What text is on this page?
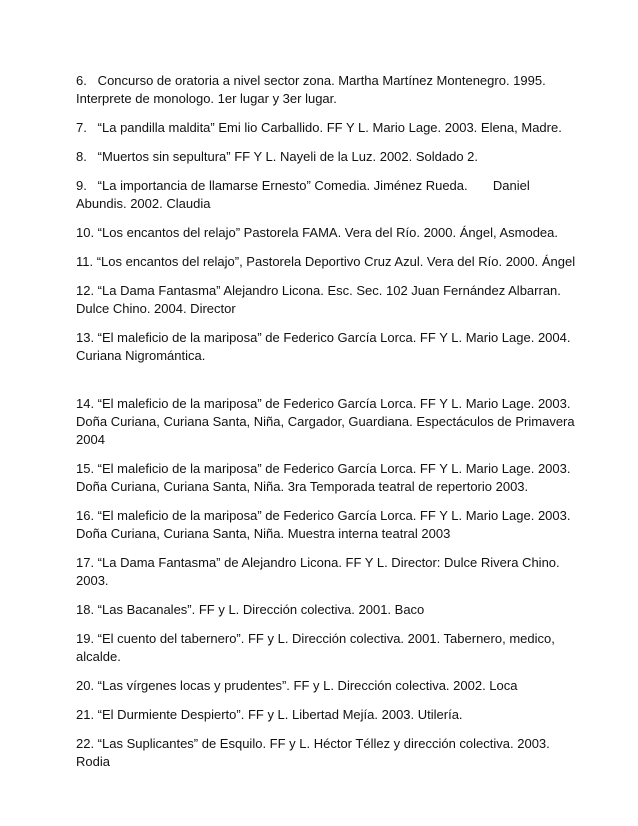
6.   Concurso de oratoria a nivel sector zona. Martha Martínez Montenegro. 1995.
Interprete de monologo. 1er lugar y 3er lugar.
7.   “La pandilla maldita” Emi lio Carballido. FF Y L. Mario Lage. 2003. Elena, Madre.
8.   “Muertos sin sepultura” FF Y L. Nayeli de la Luz. 2002. Soldado 2.
9.   “La importancia de llamarse Ernesto” Comedia. Jiménez Rueda.       Daniel
Abundis. 2002. Claudia
10. “Los encantos del relajo” Pastorela FAMA. Vera del Río. 2000. Ángel, Asmodea.
11. “Los encantos del relajo”, Pastorela Deportivo Cruz Azul. Vera del Río. 2000. Ángel
12. “La Dama Fantasma” Alejandro Licona. Esc. Sec. 102 Juan Fernández Albarran.
Dulce Chino. 2004. Director
13. “El maleficio de la mariposa” de Federico García Lorca. FF Y L. Mario Lage. 2004.
Curiana Nigromántica.
14. “El maleficio de la mariposa” de Federico García Lorca. FF Y L. Mario Lage. 2003.
Doña Curiana, Curiana Santa, Niña, Cargador, Guardiana. Espectáculos de Primavera
2004
15. “El maleficio de la mariposa” de Federico García Lorca. FF Y L. Mario Lage. 2003.
Doña Curiana, Curiana Santa, Niña. 3ra Temporada teatral de repertorio 2003.
16. “El maleficio de la mariposa” de Federico García Lorca. FF Y L. Mario Lage. 2003.
Doña Curiana, Curiana Santa, Niña. Muestra interna teatral 2003
17. “La Dama Fantasma” de Alejandro Licona. FF Y L. Director: Dulce Rivera Chino.
2003.
18. “Las Bacanales”. FF y L. Dirección colectiva. 2001. Baco
19. “El cuento del tabernero”. FF y L. Dirección colectiva. 2001. Tabernero, medico,
alcalde.
20. “Las vírgenes locas y prudentes”. FF y L. Dirección colectiva. 2002. Loca
21. “El Durmiente Despierto”. FF y L. Libertad Mejía. 2003. Utilería.
22. “Las Suplicantes” de Esquilo. FF y L. Héctor Téllez y dirección colectiva. 2003.
Rodia
